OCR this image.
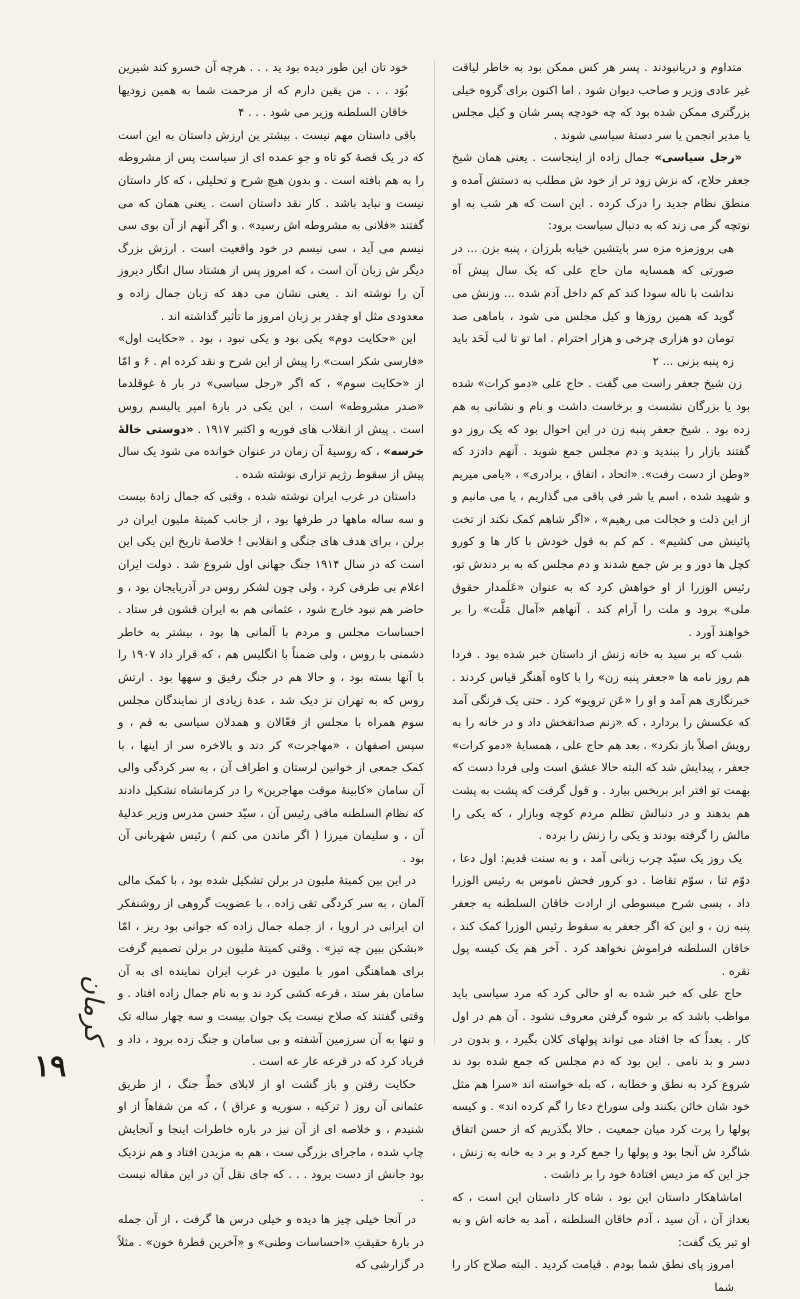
متداوم و دریانبودند . پسر هر کس ممکن بود به خاطر لیاقت غیر عادی وزیر و صاحب دیوان شود . اما اکنون برای گروه خیلی بزرگتری ممکن شده بود که چه خودچه پسر شان و کیل مجلس یا مدیر انجمن یا سر دستهٔ سیاسی شوند .

«رجل سیاسی» جمال زاده از اینجاست . یعنی همان شیخ جعفر حلاج، که نزش زود تر از خود ش مطلب به دستش آمده و منطق نظام جدید را درک کرده . این است که هر شب به او نوتچه گر می زند که به دنبال سیاست برود:

هی بروزمزه مزه سر بایتشین خیابه بلرزان ، پنبه بزن ... در صورتی که همسایه مان حاج علی که یک سال پیش آه نداشت با ناله سودا کند کم کم داخل آدم شده ... وزنش می گوید که همین روزها و کیل مجلس می شود ، باماهی صد تومان دو هزاری چرخی و هزار احترام . اما تو تا لب لَحَد باید زه پنبه بزنی ... ۲

زن شیخ جعفر راست می گفت . حاج علی «دمو کرات» شده بود یا بزرگان نشست و برخاست داشت و نام و نشانی به هم زده بود . شیخ جعفر پنبه زن در این احوال بود که یک روز دو گفتند بازار را ببندید و دم مجلس جمع شوید . آنهم دادزد که «وطن از دست رفت». «اتحاد ، اتفاق ، برادری» ، «یامی میریم و شهید شده ، اسم یا شر فی باقی می گذاریم ، یا می مانیم و از این ذلت و خجالت می رهیم» ، «اگر شاهم کمک نکند از تخت پائینش می کشیم» . کم کم به قول خودش با کار ها و کورو کچل ها دور و بر ش جمع شدند و دم مجلس که به بر دندش تو، رئیس الوزرا از او خواهش کرد که به عنوان «عَلَمدار حقوق ملی» برود و ملت را آرام کند . آنهاهم «آمال مَلَّت» را بر خواهند آورد .

شب که بر سید به خانه زنش از داستان خبر شده بود . فردا هم روز نامه ها «جعفر پنبه زن» را با کاوه آهنگر قیاس کردند . خبرنگاری هم آمد و او را «عَن ترویو» کرد . حتی یک فرنگی آمد که عکسش را بردارد ، که «زنم صداتفخش داد و در خانه را به رویش اصلاً باز نکرد» . بعد هم حاج علی ، همسایهٔ «دمو کرات» جعفر ، پیدایش شد که البته حالا عشق است ولی فردا دست که بهمت تو افتر ابر بربخس بیارد . و قول گرفت که پشت به پشت هم بدهند و در دنبالش تظلم مردم کوچه وبازار ، که یکی را مالش را گرفته بودند و یکی را زنش را برده .

یک روز یک سیّد چرب زبانی آمد ، و به سنت قدیم: اول دعا ، دوّم ثنا ، سوّم تقاضا . دو کرور فحش ناموس به رئیس الوزرا داد ، بسی شرح مبسوطی از ارادت خاقان السلطنه به جعفر پنبه زن ، و این که اگر جعفر به سقوط رئیس الوزرا کمک کند ، خاقان السلطنه فراموش نخواهد کرد . آخر هم یک کیسه پول نقره .

حاج علی که خبر شده به او حالی کرد که مرد سیاسی باید مواظب باشد که بر شوه گرفتن معروف نشود . آن هم در اول کار . بعداً که جا افتاد می تواند پولهای کلان بگیرد ، و بدون در دسر و بد نامی . این بود که دم مجلس که جمع شده بود ند شروع کرد به نطق و خطابه ، که بله خواسته اند «سرا هم مثل خود شان خائن بکنند ولی سوراخ دعا را گم کرده اند» . و کیسه پولها را پرت کرد میان جمعیت . حالا بگذریم که از حسن اتفاق شاگرد ش آنجا بود و پولها را جمع کرد و بر د به خانه به زنش ، جز این که مز دیس افتادهٔ خود را بر داشت .

اماشاهکار داستان این بود ، شاه کار داستان این است ، که بعداز آن ، آن سید ، آدم خاقان السلطنه ، آمد به خانه اش و به او تبر یک گفت:

امروز پای نطق شما بودم . قیامت کردید . البته صلاح کار را شما

خود تان این طور دیده بود ید . . . هرچه آن خسرو کند شیرین بُوَد . . . من یقین دارم که از مرحمت شما به همین زودیها خاقان السلطنه وزیر می شود . . . ۴

باقی داستان مهم نیست . بیشتر ین ارزش داستان به این است که در یک قصهٔ کو تاه و جو عمده ای از سیاست پس از مشروطه را به هم بافته است . و بدون هیچ شرح و تحلیلی ، که کار داستان نیست و نباید باشد . کار نقد داستان است . یعنی همان که می گفتند «فلانی به مشروطه اش رسید» . و اگر آنهم از آن بوی سی نیسم می آید ، سی نیسم در خود واقعیت است . ارزش بزرگ دیگر ش زبان آن است ، که امروز پس از هشتاد سال انگار دیروز آن را نوشته اند . یعنی نشان می دهد که زبان جمال زاده و معدودی مثل او چقدر بر زبان امروز ما تأثیر گذاشته اند .

این «حکایت دوم» یکی بود و یکی نبود ، بود . «حکایت اول» «فارسی شکر است» را پیش از این شرح و نقد کرده ام . ۶ و امّا از «حکایت سوم» ، که اگر «رجل سیاسی» در بار هٔ غوقلدما «صدر مشروطه» است ، این یکی در بارهٔ امپر یالیسم روس است . پیش از انقلاب های فوریه و اکتبر ۱۹۱۷ . «دوستی خالهٔ خرسه» ، که روسیهٔ آن زمان در عنوان خوانده می شود یک سال پیش از سقوط رژیم تزاری نوشته شده .

داستان در غرب ایران نوشته شده ، وقتی که جمال زادهٔ بیست و سه ساله ماهها در طرفها بود ، از جانب کمیتهٔ ملیون ایران در برلن ، برای هدف های جنگی و انقلابی ! خلاصهٔ تاریخ این یکی این است که در سال ۱۹۱۴ جنگ جهانی اول شروع شد . دولت ایران اعلام بی طرفی کرد ، ولی چون لشکر روس در آذربایجان بود ، و حاضر هم نبود خارج شود ، عثمانی هم به ایران قشون فر ستاد . احساسات مجلس و مردم با آلمانی ها بود ، بیشتر به خاطر دشمنی با روس ، ولی ضمناً با انگلیس هم ، که قرار داد ۱۹۰۷ را با آنها بسته بود ، و حالا هم در جنگ رفیق و سهها بود . ارتش روس که به تهران نز دیک شد ، عدهٔ زیادی از نمایندگان مجلس سوم همراه با مجلس از فعّالان و همدلان سیاسی به قم ، و سپس اصفهان ، «مهاجرت» کر دند و بالاخره سر از اینها ، با کمک جمعی از خوانین لرستان و اطراف آن ، به سر کردگی والی آن سامان «کابینهٔ موقت مهاجرین» را در کرمانشاه تشکیل دادند که نظام السلطنه مافی رئیس آن ، سیّد حسن مدرس وزیر عدلیهٔ آن ، و سلیمان میرزا ( اگر ماندن می کنم ) رئیس شهربانی آن بود .

در این بین کمیتهٔ ملیون در برلن تشکیل شده بود ، با کمک مالی آلمان ، به سر کردگی تقی زاده ، با عضویت گروهی از روشنفکر ان ایرانی در اروپا ، از جمله جمال زاده که جوانی بود ریز ، امّا «بشکن ببین چه تیز» . وقتی کمیتهٔ ملیون در برلن تصمیم گرفت برای هماهنگی امور با ملیون در غرب ایران نماینده ای به آن سامان بفر ستد ، قرعه کشی کرد ند و به نام جمال زاده افتاد . و وقتی گفتند که صلاح نیست یک جوان بیست و سه چهار ساله تک و تنها به آن سرزمین آشفته و بی سامان و جنگ زده برود ، داد و فریاد کرد که در قرعه عار عه است .

حکایت رفتن و باز گشت او از لابلای خطِّ جنگ ، از طریق عثمانی آن روز ( ترکیه ، سوریه و عراق ) ، که من شفاهاً از او شنیدم ، و خلاصه ای از آن نیز در باره خاطرات اینجا و آنجایش چاپ شده ، ماجرای بزرگی ست ، هم به مزیدن افتاد و هم نزدیک بود جانش از دست برود . . . که جای نقل آن در این مقاله نیست .

در آنجا خیلی چیز ها دیده و خیلی درس ها گرفت ، از آن جمله در بارهٔ حقیقتِ «احساسات وطنی» و «آخرین قطرهٔ خون» . مثلاً در گزارشی که

کرمان
۱۹
